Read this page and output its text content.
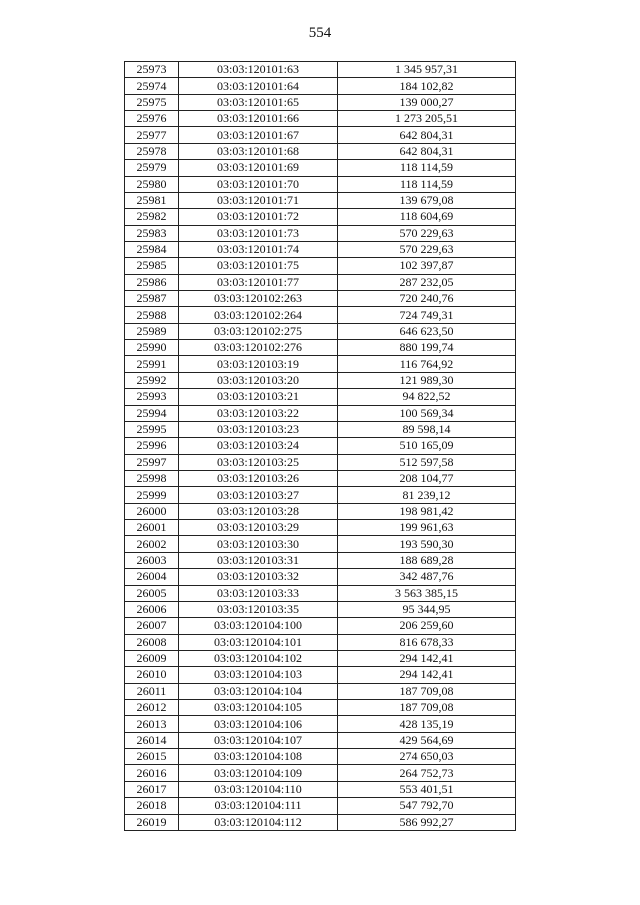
554
25973	03:03:120101:63	1 345 957,31
25974	03:03:120101:64	184 102,82
25975	03:03:120101:65	139 000,27
25976	03:03:120101:66	1 273 205,51
25977	03:03:120101:67	642 804,31
25978	03:03:120101:68	642 804,31
25979	03:03:120101:69	118 114,59
25980	03:03:120101:70	118 114,59
25981	03:03:120101:71	139 679,08
25982	03:03:120101:72	118 604,69
25983	03:03:120101:73	570 229,63
25984	03:03:120101:74	570 229,63
25985	03:03:120101:75	102 397,87
25986	03:03:120101:77	287 232,05
25987	03:03:120102:263	720 240,76
25988	03:03:120102:264	724 749,31
25989	03:03:120102:275	646 623,50
25990	03:03:120102:276	880 199,74
25991	03:03:120103:19	116 764,92
25992	03:03:120103:20	121 989,30
25993	03:03:120103:21	94 822,52
25994	03:03:120103:22	100 569,34
25995	03:03:120103:23	89 598,14
25996	03:03:120103:24	510 165,09
25997	03:03:120103:25	512 597,58
25998	03:03:120103:26	208 104,77
25999	03:03:120103:27	81 239,12
26000	03:03:120103:28	198 981,42
26001	03:03:120103:29	199 961,63
26002	03:03:120103:30	193 590,30
26003	03:03:120103:31	188 689,28
26004	03:03:120103:32	342 487,76
26005	03:03:120103:33	3 563 385,15
26006	03:03:120103:35	95 344,95
26007	03:03:120104:100	206 259,60
26008	03:03:120104:101	816 678,33
26009	03:03:120104:102	294 142,41
26010	03:03:120104:103	294 142,41
26011	03:03:120104:104	187 709,08
26012	03:03:120104:105	187 709,08
26013	03:03:120104:106	428 135,19
26014	03:03:120104:107	429 564,69
26015	03:03:120104:108	274 650,03
26016	03:03:120104:109	264 752,73
26017	03:03:120104:110	553 401,51
26018	03:03:120104:111	547 792,70
26019	03:03:120104:112	586 992,27
